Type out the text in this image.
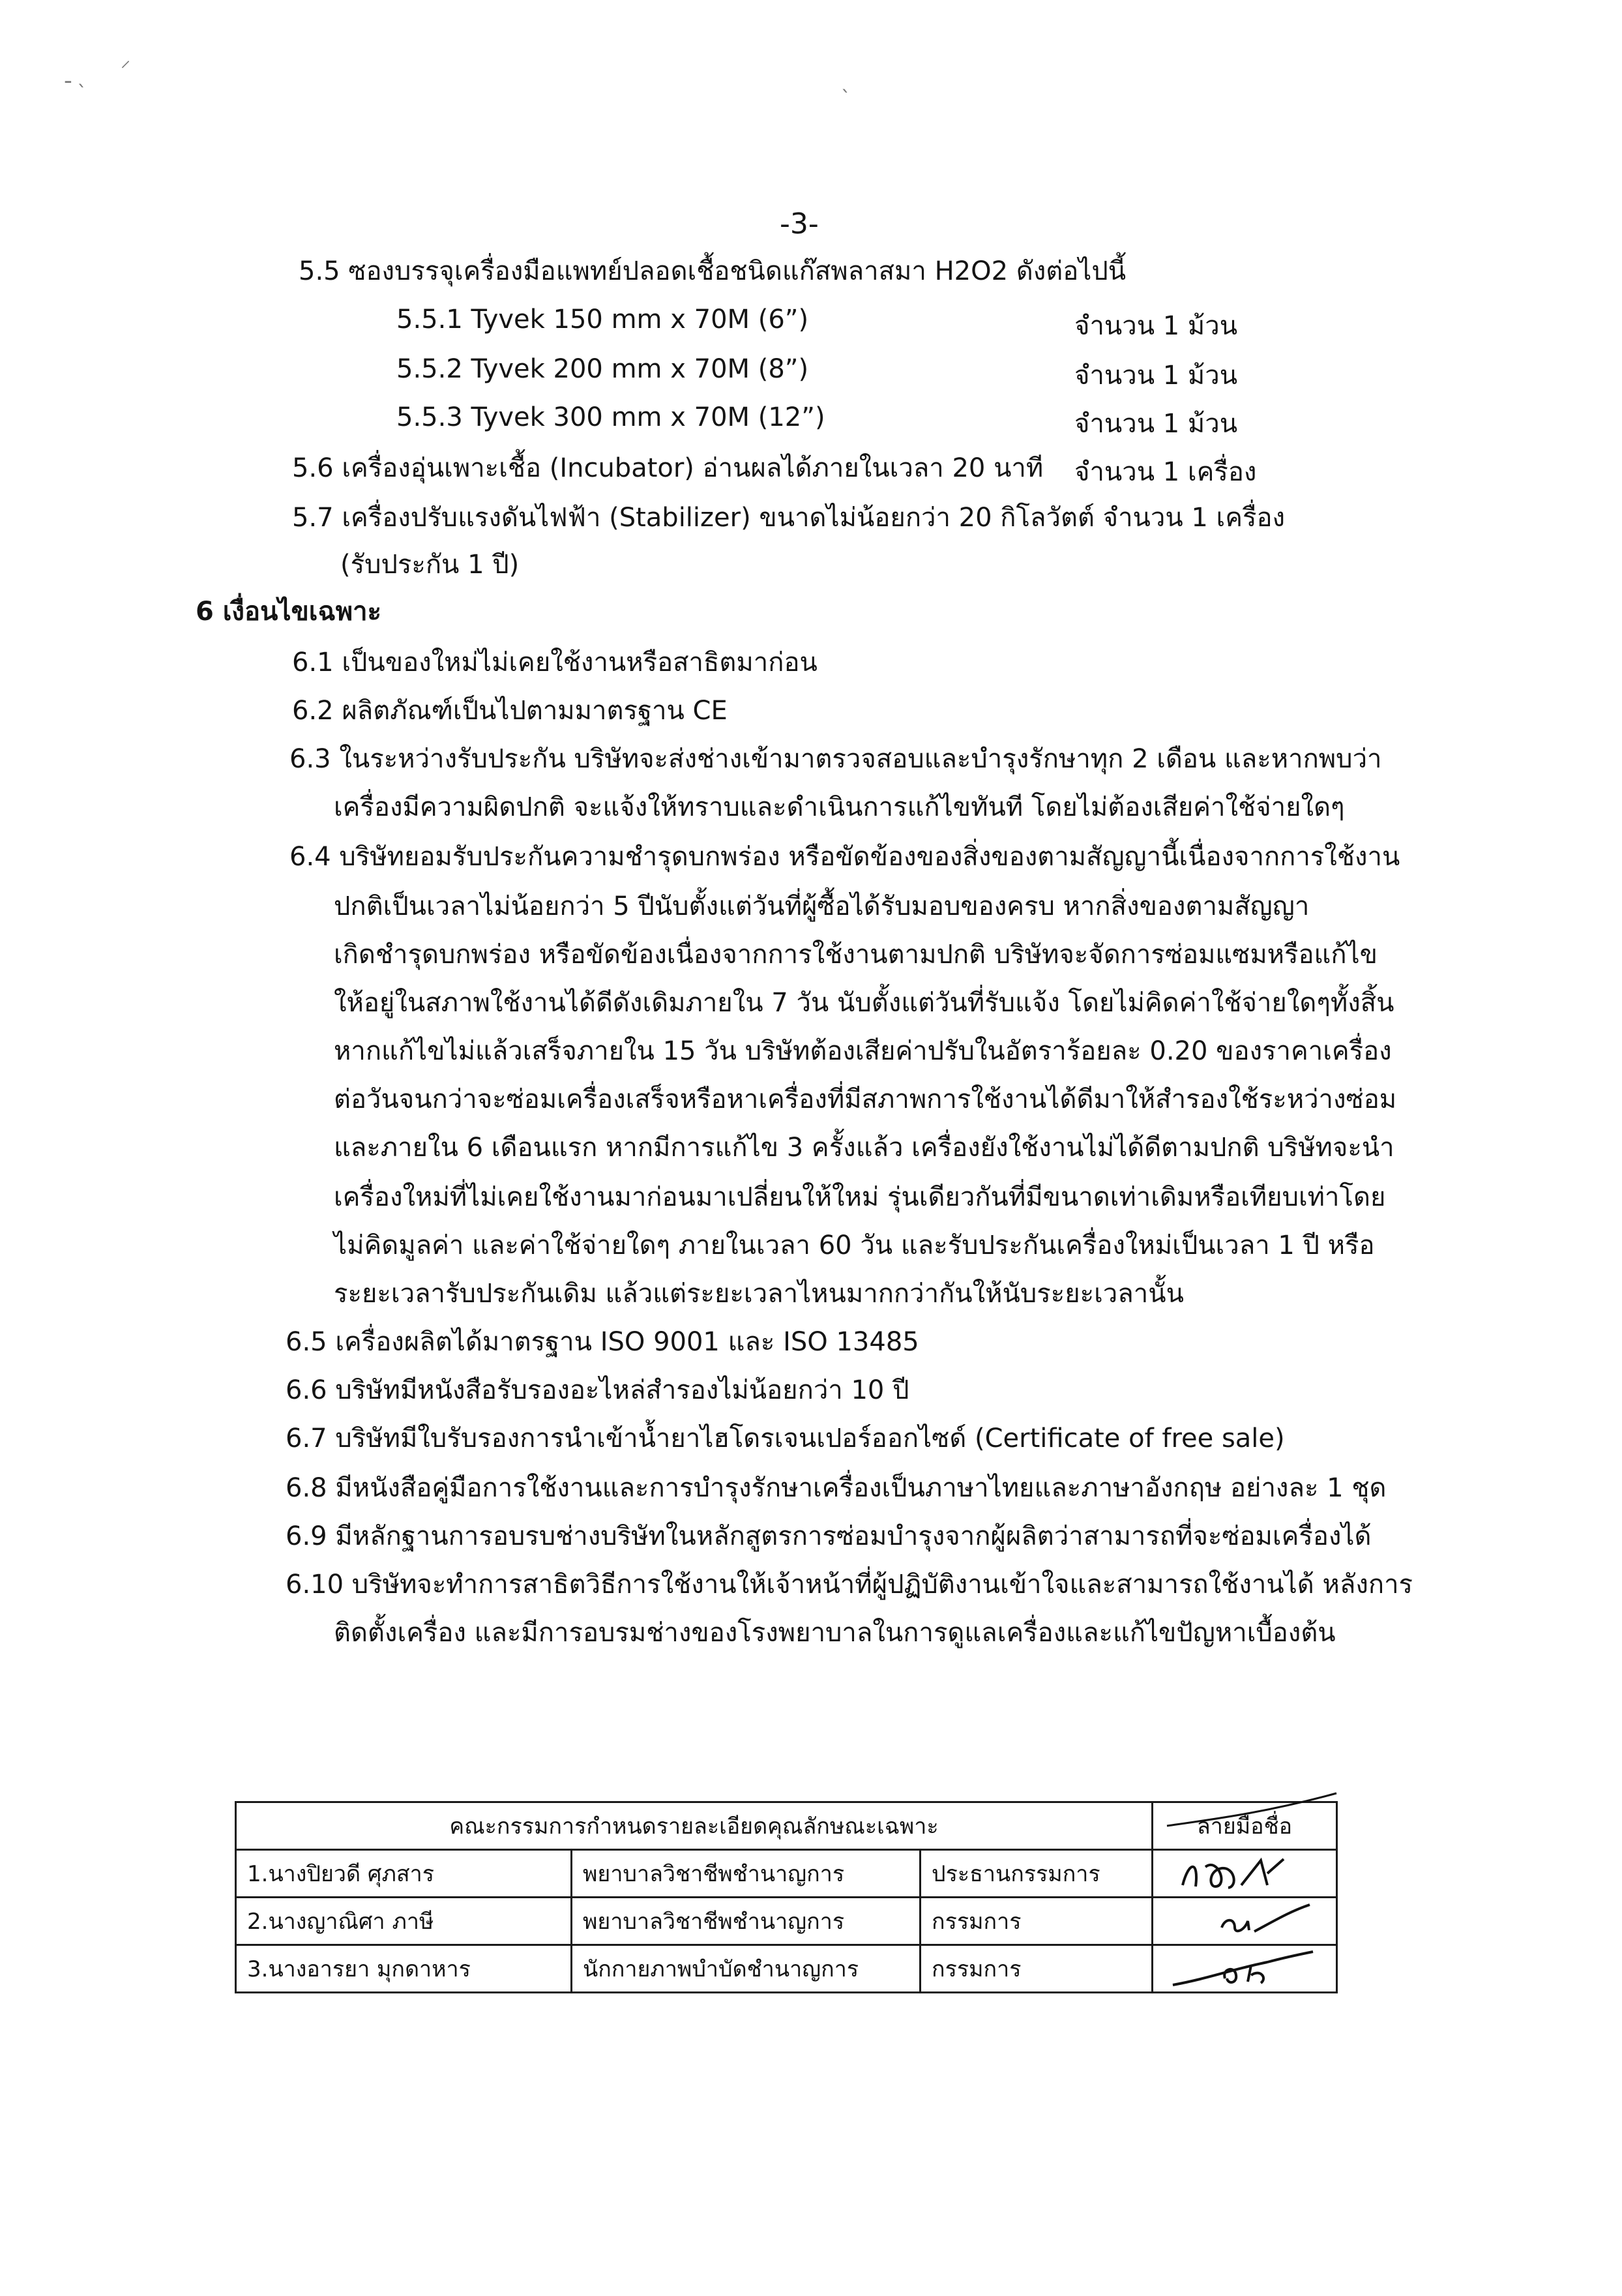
ـ ˎ
⸝
ˎ
-3-
5.5 ซองบรรจุเครื่องมือแพทย์ปลอดเชื้อชนิดแก๊สพลาสมา H2O2 ดังต่อไปนี้
5.5.1 Tyvek 150 mm x 70M (6”)	จำนวน 1 ม้วน
5.5.2 Tyvek 200 mm x 70M (8”)	จำนวน 1 ม้วน
5.5.3 Tyvek 300 mm x 70M (12”)	จำนวน 1 ม้วน
5.6 เครื่องอุ่นเพาะเชื้อ (Incubator) อ่านผลได้ภายในเวลา 20 นาที จำนวน 1 เครื่อง
5.7 เครื่องปรับแรงดันไฟฟ้า (Stabilizer) ขนาดไม่น้อยกว่า 20 กิโลวัตต์ จำนวน 1 เครื่อง
(รับประกัน 1 ปี)
6 เงื่อนไขเฉพาะ
6.1 เป็นของใหม่ไม่เคยใช้งานหรือสาธิตมาก่อน
6.2 ผลิตภัณฑ์เป็นไปตามมาตรฐาน CE
6.3 ในระหว่างรับประกัน บริษัทจะส่งช่างเข้ามาตรวจสอบและบำรุงรักษาทุก 2 เดือน และหากพบว่า
เครื่องมีความผิดปกติ จะแจ้งให้ทราบและดำเนินการแก้ไขทันที โดยไม่ต้องเสียค่าใช้จ่ายใดๆ
6.4 บริษัทยอมรับประกันความชำรุดบกพร่อง หรือขัดข้องของสิ่งของตามสัญญานี้เนื่องจากการใช้งาน
ปกติเป็นเวลาไม่น้อยกว่า 5 ปีนับตั้งแต่วันที่ผู้ซื้อได้รับมอบของครบ หากสิ่งของตามสัญญา
เกิดชำรุดบกพร่อง หรือขัดข้องเนื่องจากการใช้งานตามปกติ บริษัทจะจัดการซ่อมแซมหรือแก้ไข
ให้อยู่ในสภาพใช้งานได้ดีดังเดิมภายใน 7 วัน นับตั้งแต่วันที่รับแจ้ง โดยไม่คิดค่าใช้จ่ายใดๆทั้งสิ้น
หากแก้ไขไม่แล้วเสร็จภายใน 15 วัน บริษัทต้องเสียค่าปรับในอัตราร้อยละ 0.20 ของราคาเครื่อง
ต่อวันจนกว่าจะซ่อมเครื่องเสร็จหรือหาเครื่องที่มีสภาพการใช้งานได้ดีมาให้สำรองใช้ระหว่างซ่อม
และภายใน 6 เดือนแรก หากมีการแก้ไข 3 ครั้งแล้ว เครื่องยังใช้งานไม่ได้ดีตามปกติ บริษัทจะนำ
เครื่องใหม่ที่ไม่เคยใช้งานมาก่อนมาเปลี่ยนให้ใหม่ รุ่นเดียวกันที่มีขนาดเท่าเดิมหรือเทียบเท่าโดย
ไม่คิดมูลค่า และค่าใช้จ่ายใดๆ ภายในเวลา 60 วัน และรับประกันเครื่องใหม่เป็นเวลา 1 ปี หรือ
ระยะเวลารับประกันเดิม แล้วแต่ระยะเวลาไหนมากกว่ากันให้นับระยะเวลานั้น
6.5 เครื่องผลิตได้มาตรฐาน ISO 9001 และ ISO 13485
6.6 บริษัทมีหนังสือรับรองอะไหล่สำรองไม่น้อยกว่า 10 ปี
6.7 บริษัทมีใบรับรองการนำเข้าน้ำยาไฮโดรเจนเปอร์ออกไซด์ (Certificate of free sale)
6.8 มีหนังสือคู่มือการใช้งานและการบำรุงรักษาเครื่องเป็นภาษาไทยและภาษาอังกฤษ อย่างละ 1 ชุด
6.9 มีหลักฐานการอบรบช่างบริษัทในหลักสูตรการซ่อมบำรุงจากผู้ผลิตว่าสามารถที่จะซ่อมเครื่องได้
6.10 บริษัทจะทำการสาธิตวิธีการใช้งานให้เจ้าหน้าที่ผู้ปฏิบัติงานเข้าใจและสามารถใช้งานได้ หลังการ
ติดตั้งเครื่อง และมีการอบรมช่างของโรงพยาบาลในการดูแลเครื่องและแก้ไขปัญหาเบื้องต้น
คณะกรรมการกำหนดรายละเอียดคุณลักษณะเฉพาะ			ลายมือชื่อ
1.นางปิยวดี ศุภสาร	พยาบาลวิชาชีพชำนาญการ	ประธานกรรมการ	

2.นางญาณิศา ภาษี	พยาบาลวิชาชีพชำนาญการ	กรรมการ	

3.นางอารยา มุกดาหาร	นักกายภาพบำบัดชำนาญการ	กรรมการ	
